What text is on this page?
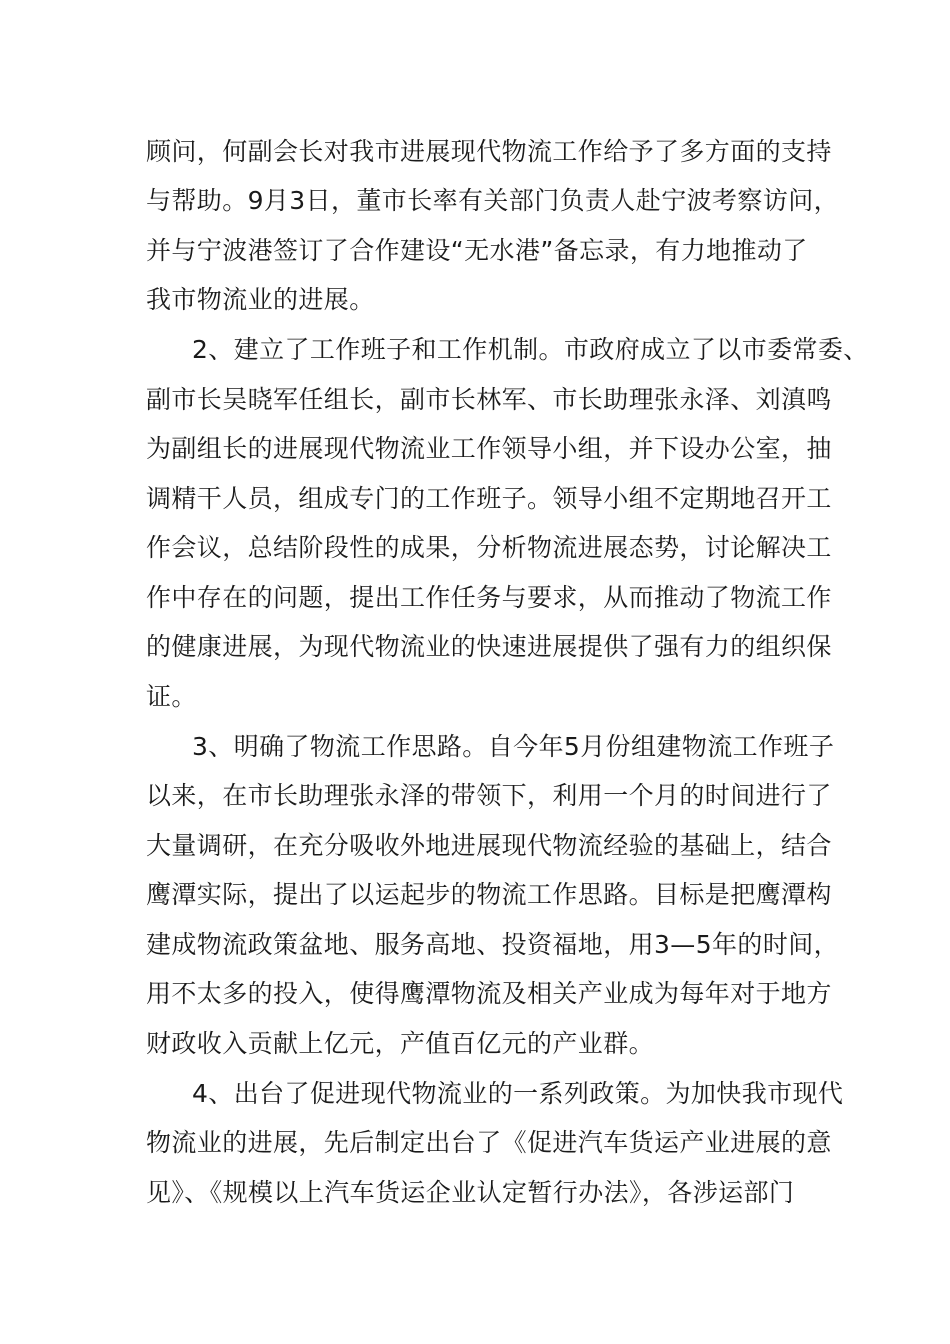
顾问，何副会长对我市进展现代物流工作给予了多方面的支持
与帮助。9月3日，董市长率有关部门负责人赴宁波考察访问，
并与宁波港签订了合作建设“无水港”备忘录，有力地推动了
我市物流业的进展。
2、建立了工作班子和工作机制。市政府成立了以市委常委、
副市长吴晓军任组长，副市长林军、市长助理张永泽、刘滇鸣
为副组长的进展现代物流业工作领导小组，并下设办公室，抽
调精干人员，组成专门的工作班子。领导小组不定期地召开工
作会议，总结阶段性的成果，分析物流进展态势，讨论解决工
作中存在的问题，提出工作任务与要求，从而推动了物流工作
的健康进展，为现代物流业的快速进展提供了强有力的组织保
证。
3、明确了物流工作思路。自今年5月份组建物流工作班子
以来，在市长助理张永泽的带领下，利用一个月的时间进行了
大量调研，在充分吸收外地进展现代物流经验的基础上，结合
鹰潭实际，提出了以运起步的物流工作思路。目标是把鹰潭构
建成物流政策盆地、服务高地、投资福地，用3—5年的时间，
用不太多的投入，使得鹰潭物流及相关产业成为每年对于地方
财政收入贡献上亿元，产值百亿元的产业群。
4、出台了促进现代物流业的一系列政策。为加快我市现代
物流业的进展，先后制定出台了《促进汽车货运产业进展的意
见》、《规模以上汽车货运企业认定暂行办法》，各涉运部门
